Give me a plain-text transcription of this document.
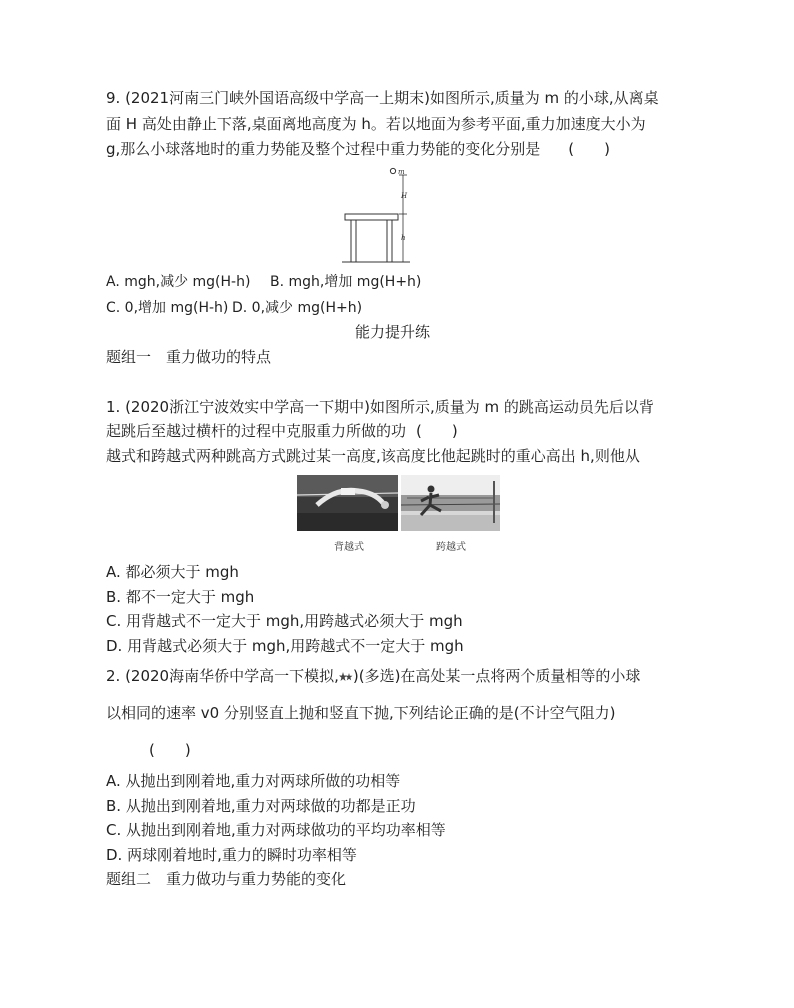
9. (2021河南三门峡外国语高级中学高一上期末)如图所示,质量为 m 的小球,从离桌
面 H 高处由静止下落,桌面离地高度为 h。若以地面为参考平面,重力加速度大小为
g,那么小球落地时的重力势能及整个过程中重力势能的变化分别是 (　　)
m
H
h
A. mgh,减少 mg(H-h) B. mgh,增加 mg(H+h)
C. 0,增加 mg(H-h) D. 0,减少 mg(H+h)
能力提升练
题组一　重力做功的特点
1. (2020浙江宁波效实中学高一下期中)如图所示,质量为 m 的跳高运动员先后以背
越式和跨越式两种跳高方式跳过某一高度,该高度比他起跳时的重心高出 h,则他从
起跳后至越过横杆的过程中克服重力所做的功 (　　)
背越式	跨越式
A. 都必须大于 mgh
B. 都不一定大于 mgh
C. 用背越式不一定大于 mgh,用跨越式必须大于 mgh
D. 用背越式必须大于 mgh,用跨越式不一定大于 mgh
2. (2020海南华侨中学高一下模拟, )(多选)在高处某一点将两个质量相等的小球
以相同的速率 v0 分别竖直上抛和竖直下抛,下列结论正确的是(不计空气阻力)
(　　)
A. 从抛出到刚着地,重力对两球所做的功相等
B. 从抛出到刚着地,重力对两球做的功都是正功
C. 从抛出到刚着地,重力对两球做功的平均功率相等
D. 两球刚着地时,重力的瞬时功率相等
题组二　重力做功与重力势能的变化
